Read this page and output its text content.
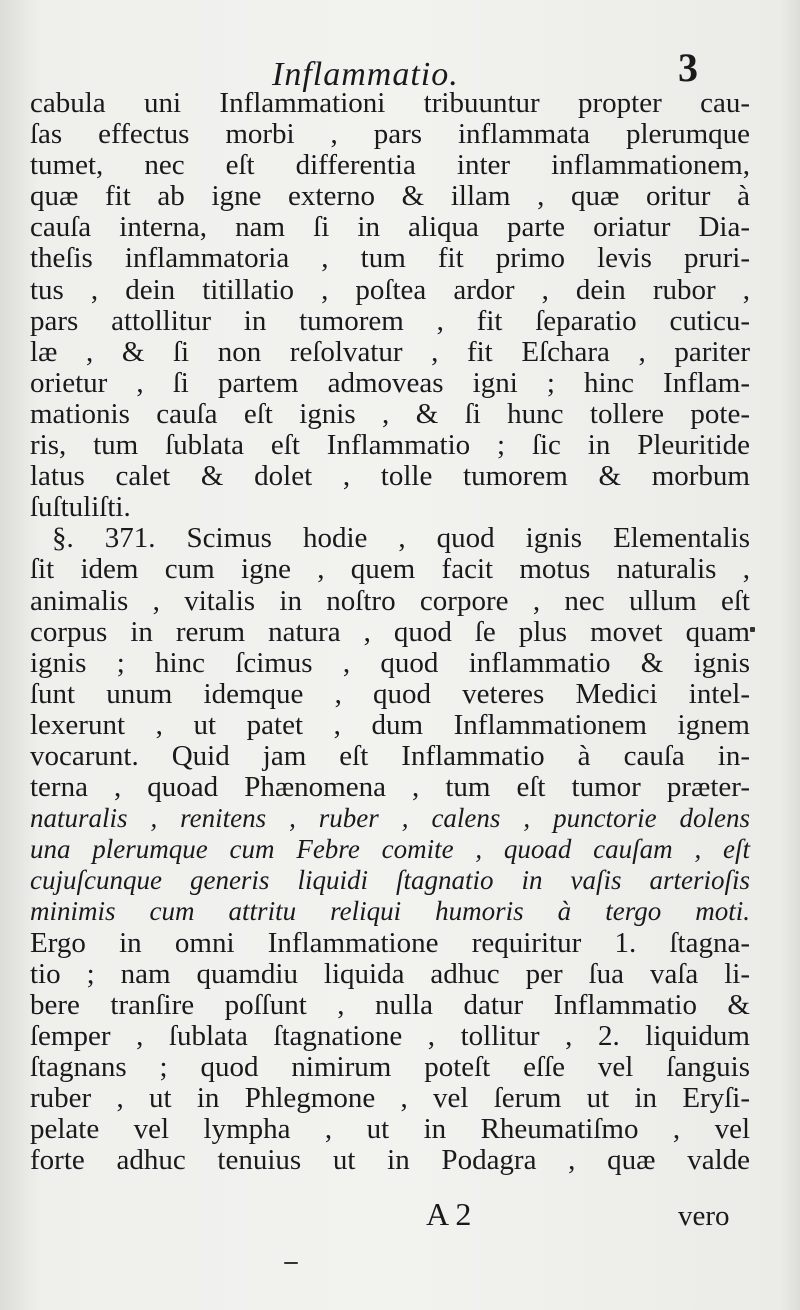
Inflammatio.	3
cabula uni Inflammationi tribuuntur propter cau-
ſas effectus morbi , pars inflammata plerumque
tumet, nec eſt differentia inter inflammationem,
quæ fit ab igne externo & illam , quæ oritur à
cauſa interna, nam ſi in aliqua parte oriatur Dia-
theſis inflammatoria , tum fit primo levis pruri-
tus , dein titillatio , poſtea ardor , dein rubor ,
pars attollitur in tumorem , fit ſeparatio cuticu-
læ , & ſi non reſolvatur , fit Eſchara , pariter
orietur , ſi partem admoveas igni ; hinc Inflam-
mationis cauſa eſt ignis , & ſi hunc tollere pote-
ris, tum ſublata eſt Inflammatio ; ſic in Pleuritide
latus calet & dolet , tolle tumorem & morbum
ſuſtuliſti.
§. 371. Scimus hodie , quod ignis Elementalis
ſit idem cum igne , quem facit motus naturalis ,
animalis , vitalis in noſtro corpore , nec ullum eſt
corpus in rerum natura , quod ſe plus movet quam
ignis ; hinc ſcimus , quod inflammatio & ignis
ſunt unum idemque , quod veteres Medici intel-
lexerunt , ut patet , dum Inflammationem ignem
vocarunt. Quid jam eſt Inflammatio à cauſa in-
terna , quoad Phænomena , tum eſt tumor præter-
naturalis , renitens , ruber , calens , punctorie dolens
una plerumque cum Febre comite , quoad cauſam , eſt
cujuſcunque generis liquidi ſtagnatio in vaſis arterioſis
minimis cum attritu reliqui humoris à tergo moti.
Ergo in omni Inflammatione requiritur 1. ſtagna-
tio ; nam quamdiu liquida adhuc per ſua vaſa li-
bere tranſire poſſunt , nulla datur Inflammatio &
ſemper , ſublata ſtagnatione , tollitur , 2. liquidum
ſtagnans ; quod nimirum poteſt eſſe vel ſanguis
ruber , ut in Phlegmone , vel ſerum ut in Eryſi-
pelate vel lympha , ut in Rheumatiſmo , vel
forte adhuc tenuius ut in Podagra , quæ valde
A 2	vero
